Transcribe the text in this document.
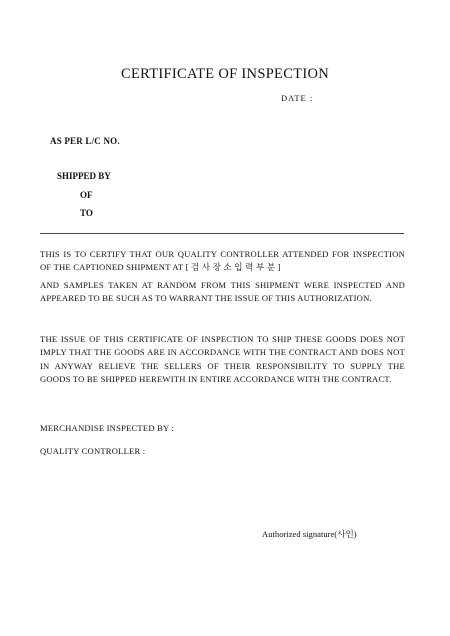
CERTIFICATE OF INSPECTION
DATE :
AS PER L/C NO.
SHIPPED BY
OF
TO
THIS IS TO CERTIFY THAT OUR QUALITY CONTROLLER ATTENDED FOR INSPECTION OF THE CAPTIONED SHIPMENT AT [ 검 사 장 소 입 력 부 분 ]
AND SAMPLES TAKEN AT RANDOM FROM THIS SHIPMENT WERE INSPECTED AND APPEARED TO BE SUCH AS TO WARRANT THE ISSUE OF THIS AUTHORIZATION.
THE ISSUE OF THIS CERTIFICATE OF INSPECTION TO SHIP THESE GOODS DOES NOT IMPLY THAT THE GOODS ARE IN ACCORDANCE WITH THE CONTRACT AND DOES NOT IN ANYWAY RELIEVE THE SELLERS OF THEIR RESPONSIBILITY TO SUPPLY THE GOODS TO BE SHIPPED HEREWITH IN ENTIRE ACCORDANCE WITH THE CONTRACT.
MERCHANDISE INSPECTED BY :
QUALITY CONTROLLER :
Authorized signature(사인)
